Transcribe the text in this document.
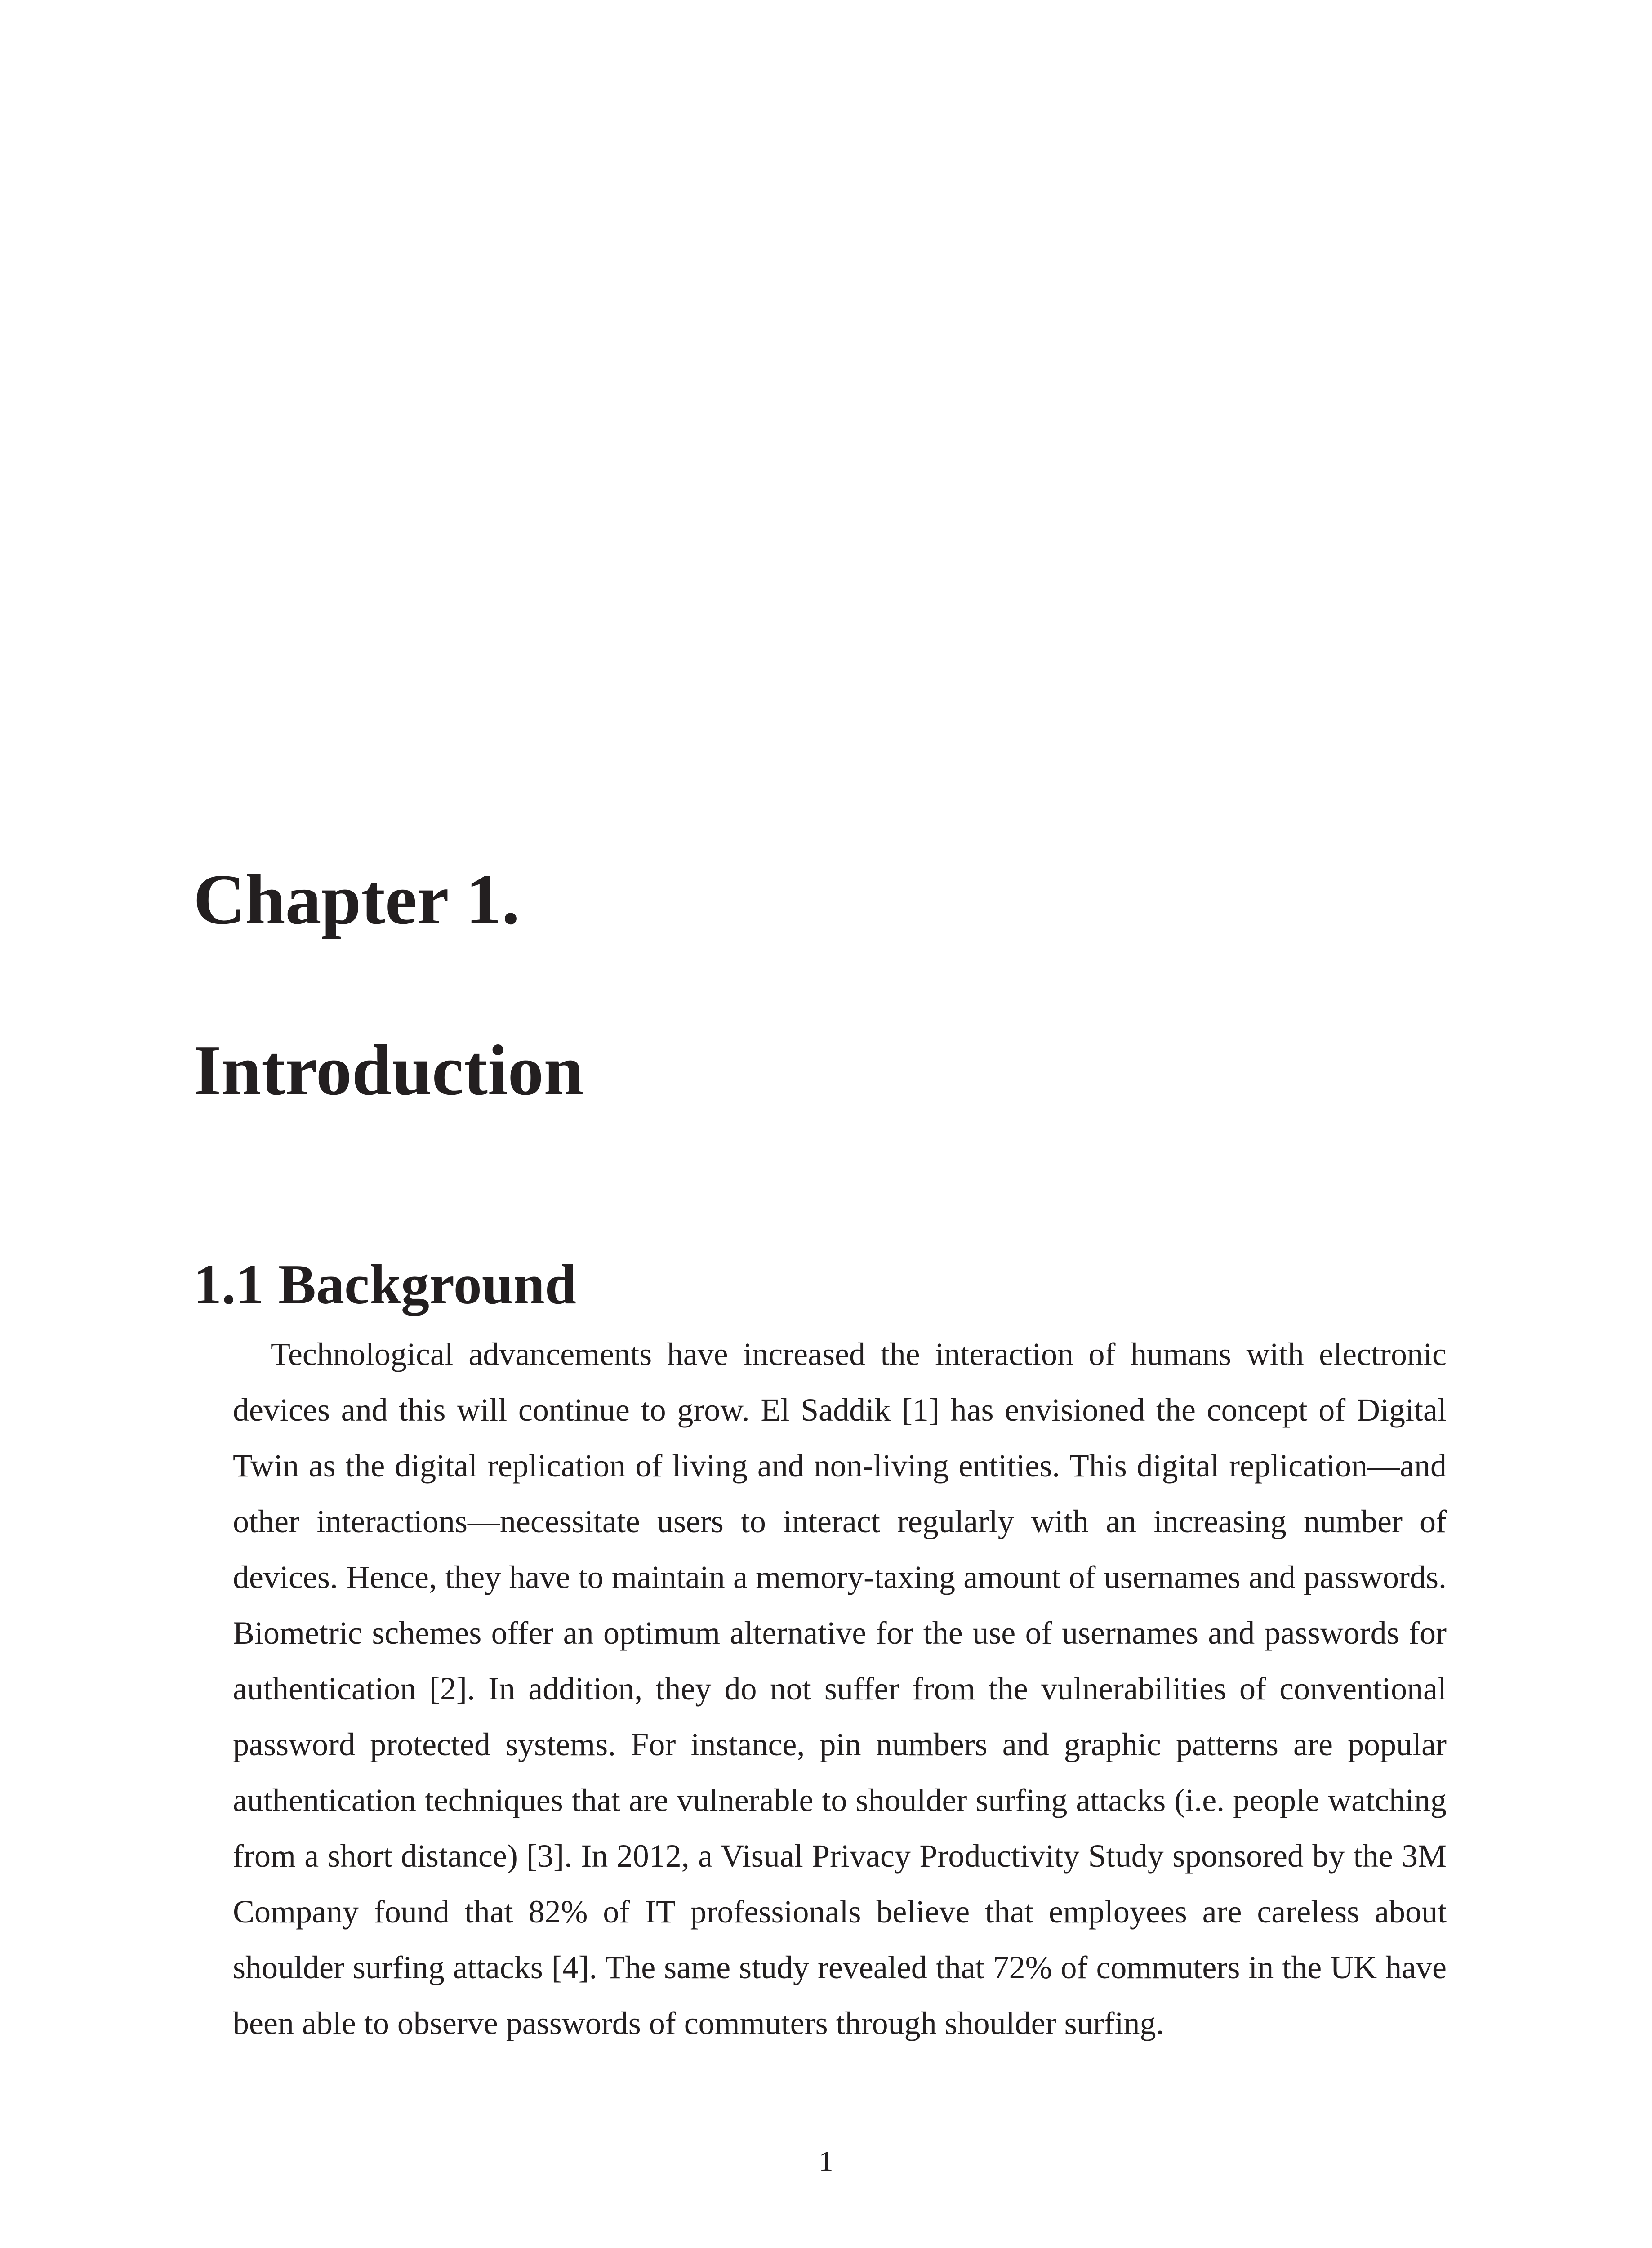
Chapter 1.
Introduction
1.1 Background

Technological advancements have increased the interaction of humans with electronic devices and this will continue to grow. El Saddik [1] has envisioned the concept of Digital Twin as the digital replication of living and non-living entities. This digital replication—and other interactions—necessitate users to interact regularly with an increasing number of devices. Hence, they have to maintain a memory-taxing amount of usernames and passwords. Biometric schemes offer an optimum alternative for the use of usernames and passwords for authentication [2]. In addition, they do not suffer from the vulnerabilities of conventional password protected systems. For instance, pin numbers and graphic patterns are popular authentication techniques that are vulnerable to shoulder surfing attacks (i.e. people watching from a short distance) [3]. In 2012, a Visual Privacy Productivity Study sponsored by the 3M Company found that 82% of IT professionals believe that employees are careless about shoulder surfing attacks [4]. The same study revealed that 72% of commuters in the UK have been able to observe passwords of commuters through shoulder surfing.

1
